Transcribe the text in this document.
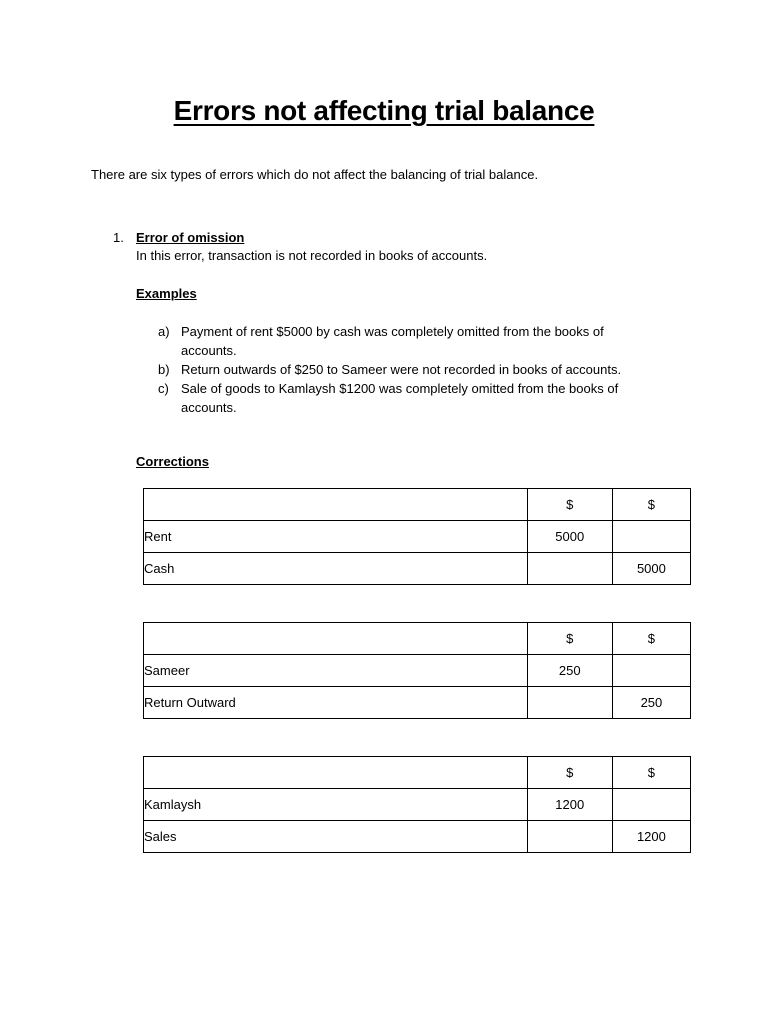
Errors not affecting trial balance
There are six types of errors which do not affect the balancing of trial balance.
1. Error of omission
In this error, transaction is not recorded in books of accounts.
Examples

a) Payment of rent $5000 by cash was completely omitted from the books of accounts.

b) Return outwards of $250 to Sameer were not recorded in books of accounts.

c) Sale of goods to Kamlaysh $1200 was completely omitted from the books of accounts.

Corrections
	$	$
Rent	5000	
Cash		5000
	$	$
Sameer	250	
Return Outward		250
	$	$
Kamlaysh	1200	
Sales		1200
